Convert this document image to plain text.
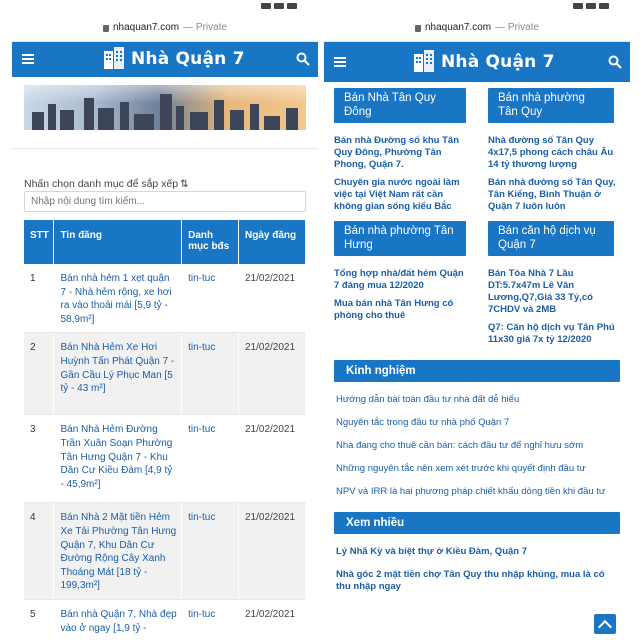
nhaquan7.com — Private
Nhà Quận 7
Nhấn chọn danh mục để sắp xếp ⇅
Nhập nội dung tìm kiếm...
STT	Tin đăng	Danh mục bđs	Ngày đăng
1	Bán nhà hẻm 1 xẹt quận 7 - Nhà hẻm rộng, xe hơi ra vào thoải mái [5,9 tỷ - 58,9m²]	tin-tuc	21/02/2021
2	Bán Nhà Hẻm Xe Hơi Huỳnh Tấn Phát Quận 7 - Gần Cầu Lý Phục Man [5 tỷ - 43 m²]	tin-tuc	21/02/2021
3	Bán Nhà Hẻm Đường Trần Xuân Soạn Phường Tân Hưng Quận 7 - Khu Dân Cư Kiều Đàm [4,9 tỷ - 45,9m²]	tin-tuc	21/02/2021
4	Bán Nhà 2 Mặt tiền Hẻm Xe Tải Phường Tân Hưng Quận 7, Khu Dân Cư Đường Rộng Cây Xanh Thoáng Mát [18 tỷ - 199,3m²]	tin-tuc	21/02/2021
5	Bán nhà Quận 7, Nhà đẹp vào ở ngay [1,9 tỷ -	tin-tuc	21/02/2021
nhaquan7.com — Private
Nhà Quận 7
Bán Nhà Tân Quy Đông
Bán nhà Đường số khu Tân Quy Đông, Phường Tân Phong, Quận 7.
Chuyên gia nước ngoài làm việc tại Việt Nam rất cần không gian sống kiểu Bắc
Bán nhà phường Tân Quy
Nhà đường số Tân Quy 4x17,5 phong cách châu Âu 14 tỷ thương lượng
Bán nhà đường số Tân Quy, Tân Kiểng, Bình Thuận ở Quận 7 luôn luôn
Bán nhà phường Tân Hưng
Tổng hợp nhà/đất hẻm Quận 7 đáng mua 12/2020
Mua bán nhà Tân Hưng có phòng cho thuê
Bán căn hộ dịch vụ Quận 7
Bán Tòa Nhà 7 Lầu DT:5.7x47m Lê Văn Lương,Q7,Giá 33 Tỷ,có 7CHDV và 2MB
Q7: Căn hộ dịch vụ Tân Phú 11x30 giá 7x tỷ 12/2020
Kinh nghiệm
Hướng dẫn bài toán đầu tư nhà đất dễ hiểu
Nguyên tắc trong đầu tư nhà phố Quận 7
Nhà đang cho thuê cần bán: cách đầu tư để nghỉ hưu sớm
Những nguyên tắc nên xem xét trước khi quyết định đầu tư
NPV và IRR là hai phương pháp chiết khấu dòng tiền khi đầu tư
Xem nhiều
Lý Nhã Kỳ và biệt thự ở Kiều Đàm, Quận 7
Nhà góc 2 mặt tiền chợ Tân Quy thu nhập khủng, mua là có thu nhập ngay
